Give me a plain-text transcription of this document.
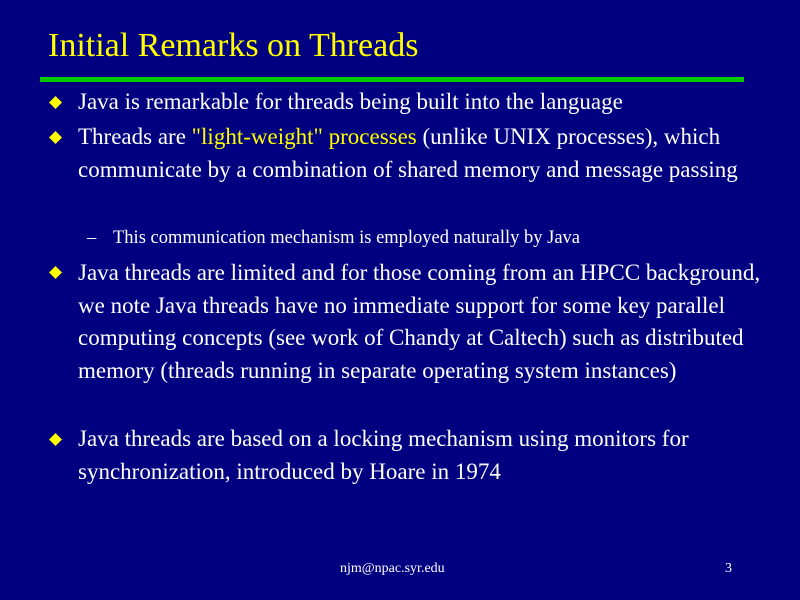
Initial Remarks on Threads
Java is remarkable for threads being built into the language
Threads are "light-weight" processes (unlike UNIX processes), which communicate by a combination of shared memory and message passing
– This communication mechanism is employed naturally by Java
Java threads are limited and for those coming from an HPCC background, we note Java threads have no immediate support for some key parallel computing concepts (see work of Chandy at Caltech) such as distributed memory (threads running in separate operating system instances)
Java threads are based on a locking mechanism using monitors for synchronization, introduced by Hoare in 1974
njm@npac.syr.edu	3
